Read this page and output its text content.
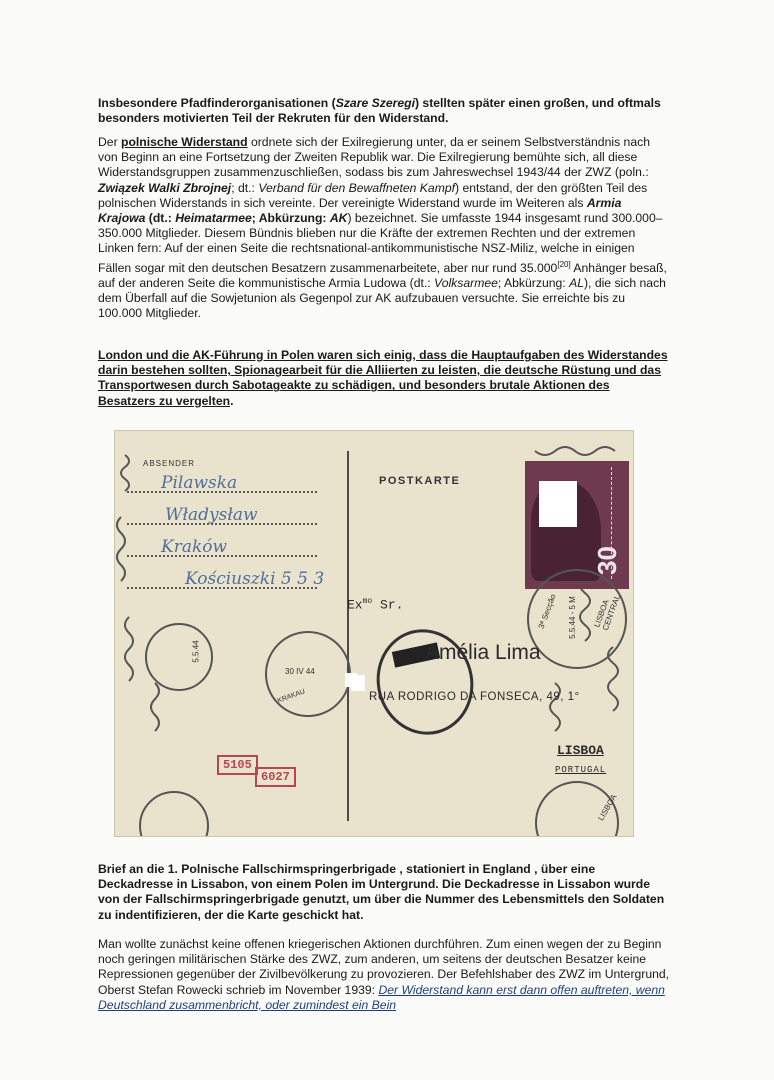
Insbesondere Pfadfinderorganisationen (Szare Szeregi) stellten später einen großen, und oftmals besonders motivierten Teil der Rekruten für den Widerstand.
Der polnische Widerstand ordnete sich der Exilregierung unter, da er seinem Selbstverständnis nach von Beginn an eine Fortsetzung der Zweiten Republik war. Die Exilregierung bemühte sich, all diese Widerstandsgruppen zusammenzuschließen, sodass bis zum Jahreswechsel 1943/44 der ZWZ (poln.: Związek Walki Zbrojnej; dt.: Verband für den Bewaffneten Kampf) entstand, der den größten Teil des polnischen Widerstands in sich vereinte. Der vereinigte Widerstand wurde im Weiteren als Armia Krajowa (dt.: Heimatarmee; Abkürzung: AK) bezeichnet. Sie umfasste 1944 insgesamt rund 300.000–350.000 Mitglieder. Diesem Bündnis blieben nur die Kräfte der extremen Rechten und der extremen Linken fern: Auf der einen Seite die rechtsnational-antikommunistische NSZ-Miliz, welche in einigen Fällen sogar mit den deutschen Besatzern zusammenarbeitete, aber nur rund 35.000[20] Anhänger besaß, auf der anderen Seite die kommunistische Armia Ludowa (dt.: Volksarmee; Abkürzung: AL), die sich nach dem Überfall auf die Sowjetunion als Gegenpol zur AK aufzubauen versuchte. Sie erreichte bis zu 100.000 Mitglieder.
London und die AK-Führung in Polen waren sich einig, dass die Hauptaufgaben des Widerstandes darin bestehen sollten, Spionagearbeit für die Alliierten zu leisten, die deutsche Rüstung und das Transportwesen durch Sabotageakte zu schädigen, und besonders brutale Aktionen des Besatzers zu vergelten.
ABSENDER
Pilawska
Władysław
Kraków
Kościuszki 5 5 3
POSTKARTE
30
LISBOA CENTRAL
3ª Secção 5.5.44 - 5 M
5.5.44
30 IV 44
KRAKAU
$Ex^{mo}$ Sr.
Amélia Lima
RUA RODRIGO DA FONSECA, 49, 1°
LISBOA
PORTUGAL
5105
6027
LISBOA
Brief an die 1. Polnische Fallschirmspringerbrigade , stationiert in England , über eine Deckadresse in Lissabon, von einem Polen im Untergrund. Die Deckadresse in Lissabon wurde von der Fallschirmspringerbrigade genutzt, um über die Nummer des Lebensmittels den Soldaten zu indentifizieren, der die Karte geschickt hat.
Man wollte zunächst keine offenen kriegerischen Aktionen durchführen. Zum einen wegen der zu Beginn noch geringen militärischen Stärke des ZWZ, zum anderen, um seitens der deutschen Besatzer keine Repressionen gegenüber der Zivilbevölkerung zu provozieren. Der Befehlshaber des ZWZ im Untergrund, Oberst Stefan Rowecki schrieb im November 1939: Der Widerstand kann erst dann offen auftreten, wenn Deutschland zusammenbricht, oder zumindest ein Bein
